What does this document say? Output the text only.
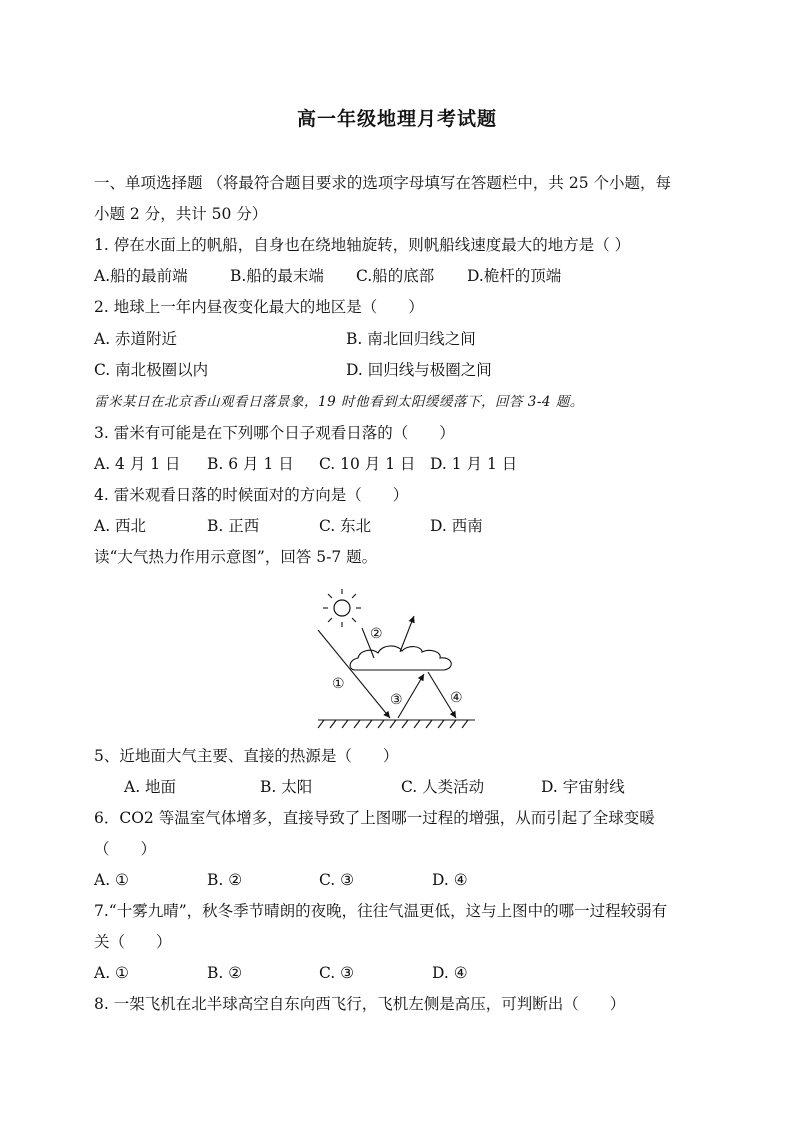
高一年级地理月考试题
一、单项选择题 （将最符合题目要求的选项字母填写在答题栏中，共 25 个小题，每
小题 2 分，共计 50 分）
1. 停在水面上的帆船，自身也在绕地轴旋转，则帆船线速度最大的地方是（ ）
A.船的最前端	B.船的最末端 C.船的底部 D.桅杆的顶端
2. 地球上一年内昼夜变化最大的地区是（　　）
A. 赤道附近	B. 南北回归线之间
C. 南北极圈以内	D. 回归线与极圈之间
雷米某日在北京香山观看日落景象，19 时他看到太阳缓缓落下，回答 3-4 题。
3. 雷米有可能是在下列哪个日子观看日落的（　　）
A. 4 月 1 日 B. 6 月 1 日 C. 10 月 1 日 D. 1 月 1 日
4. 雷米观看日落的时候面对的方向是（　　）
A. 西北	B. 正西	C. 东北	D. 西南
读“大气热力作用示意图”，回答 5-7 题。
①
②
③	④
5、近地面大气主要、直接的热源是（　　）
A. 地面	B. 太阳	C. 人类活动	D. 宇宙射线
6．CO2 等温室气体增多，直接导致了上图哪一过程的增强，从而引起了全球变暖
（　　）
A. ①	B. ②	C. ③	D. ④
7.“十雾九晴”，秋冬季节晴朗的夜晚，往往气温更低，这与上图中的哪一过程较弱有
关（　　）
A. ①	B. ②	C. ③	D. ④
8. 一架飞机在北半球高空自东向西飞行，飞机左侧是高压，可判断出（　　）
